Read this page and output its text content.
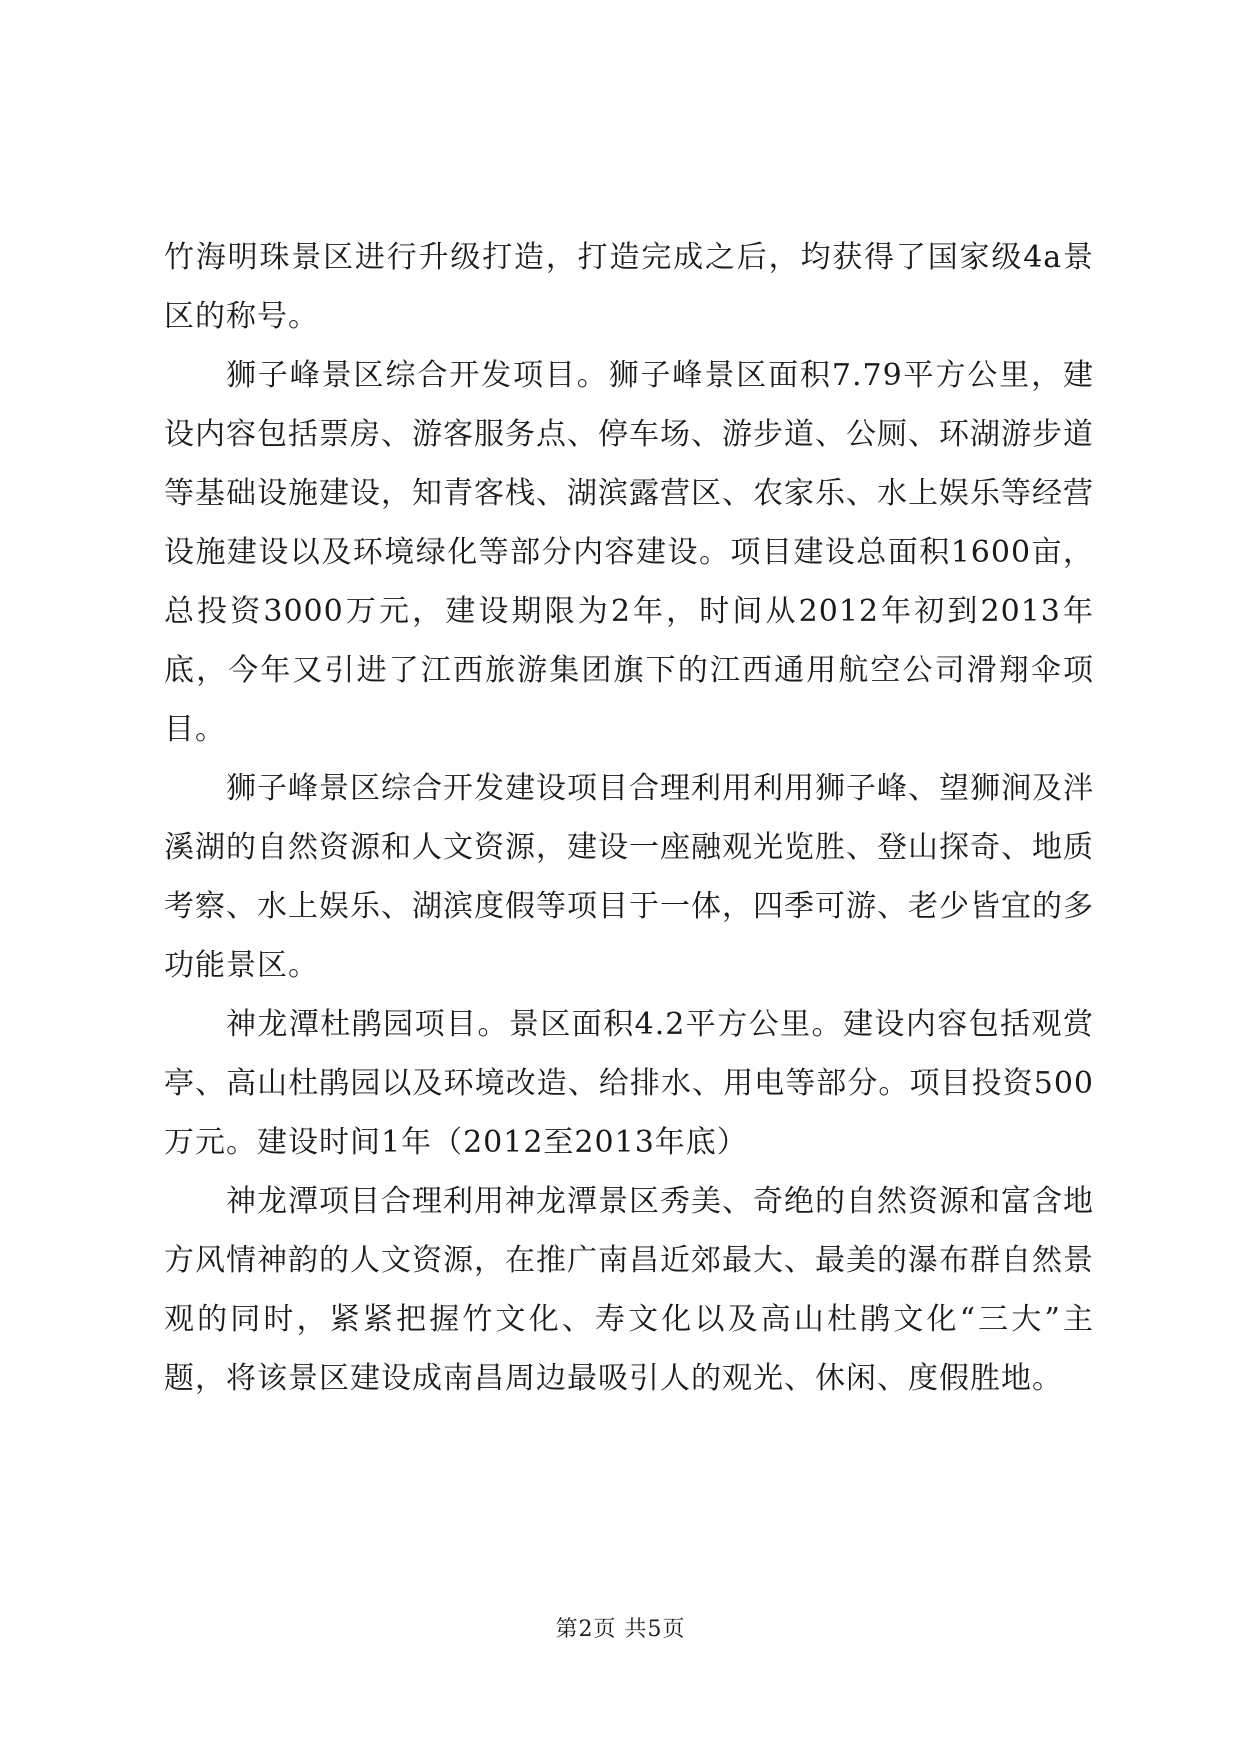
竹海明珠景区进行升级打造，打造完成之后，均获得了国家级4a景区的称号。

狮子峰景区综合开发项目。狮子峰景区面积7.79平方公里，建设内容包括票房、游客服务点、停车场、游步道、公厕、环湖游步道等基础设施建设，知青客栈、湖滨露营区、农家乐、水上娱乐等经营设施建设以及环境绿化等部分内容建设。项目建设总面积1600亩，总投资3000万元，建设期限为2年，时间从2012年初到2013年底，今年又引进了江西旅游集团旗下的江西通用航空公司滑翔伞项目。

狮子峰景区综合开发建设项目合理利用利用狮子峰、望狮涧及泮溪湖的自然资源和人文资源，建设一座融观光览胜、登山探奇、地质考察、水上娱乐、湖滨度假等项目于一体，四季可游、老少皆宜的多功能景区。

神龙潭杜鹃园项目。景区面积4.2平方公里。建设内容包括观赏亭、高山杜鹃园以及环境改造、给排水、用电等部分。项目投资500万元。建设时间1年（2012至2013年底）

神龙潭项目合理利用神龙潭景区秀美、奇绝的自然资源和富含地方风情神韵的人文资源，在推广南昌近郊最大、最美的瀑布群自然景观的同时，紧紧把握竹文化、寿文化以及高山杜鹃文化“三大”主题，将该景区建设成南昌周边最吸引人的观光、休闲、度假胜地。

第2页 共5页
